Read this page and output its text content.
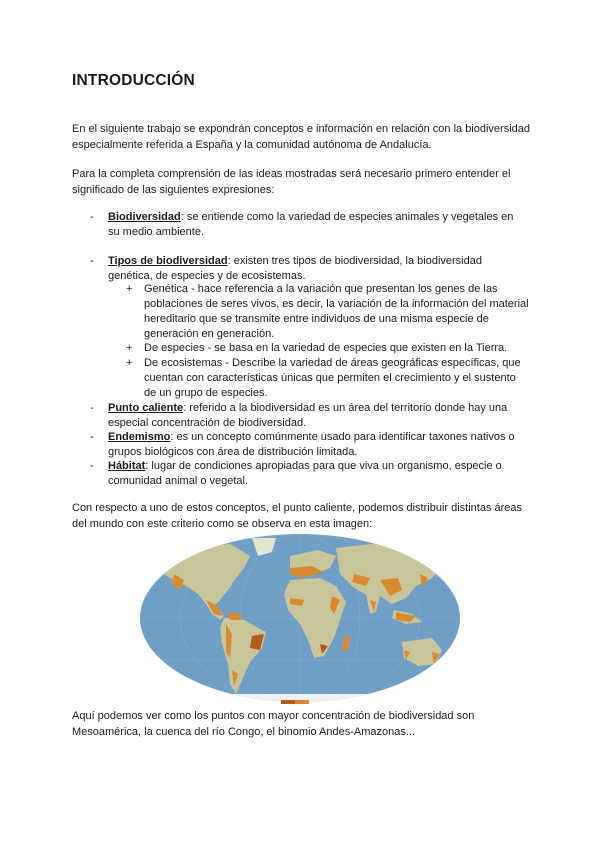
INTRODUCCIÓN

En el siguiente trabajo se expondrán conceptos e información en relación con la biodiversidad especialmente referida a España y la comunidad autónoma de Andalucía.

Para la completa comprensión de las ideas mostradas será necesario primero entender el significado de las siguientes expresiones:

- Biodiversidad: se entiende como la variedad de especies animales y vegetales en su medio ambiente.
- Tipos de biodiversidad: existen tres tipos de biodiversidad, la biodiversidad genética, de especies y de ecosistemas.
+ Genética - hace referencia a la variación que presentan los genes de las poblaciones de seres vivos, es decir, la variación de la información del material hereditario que se transmite entre individuos de una misma especie de generación en generación.
+ De especies - se basa en la variedad de especies que existen en la Tierra.
+ De ecosistemas - Describe la variedad de áreas geográficas específicas, que cuentan con características únicas que permiten el crecimiento y el sustento de un grupo de especies.
- Punto caliente: referido a la biodiversidad es un área del territorio donde hay una especial concentración de biodiversidad.
- Endemismo: es un concepto comúnmente usado para identificar taxones nativos o grupos biológicos con área de distribución limitada.
- Hábitat: lugar de condiciones apropiadas para que viva un organismo, especie o comunidad animal o vegetal.

Con respecto a uno de estos conceptos, el punto caliente, podemos distribuir distintas áreas del mundo con este criterio como se observa en esta imagen:

Aquí podemos ver como los puntos con mayor concentración de biodiversidad son Mesoamérica, la cuenca del río Congo, el binomio Andes-Amazonas...
